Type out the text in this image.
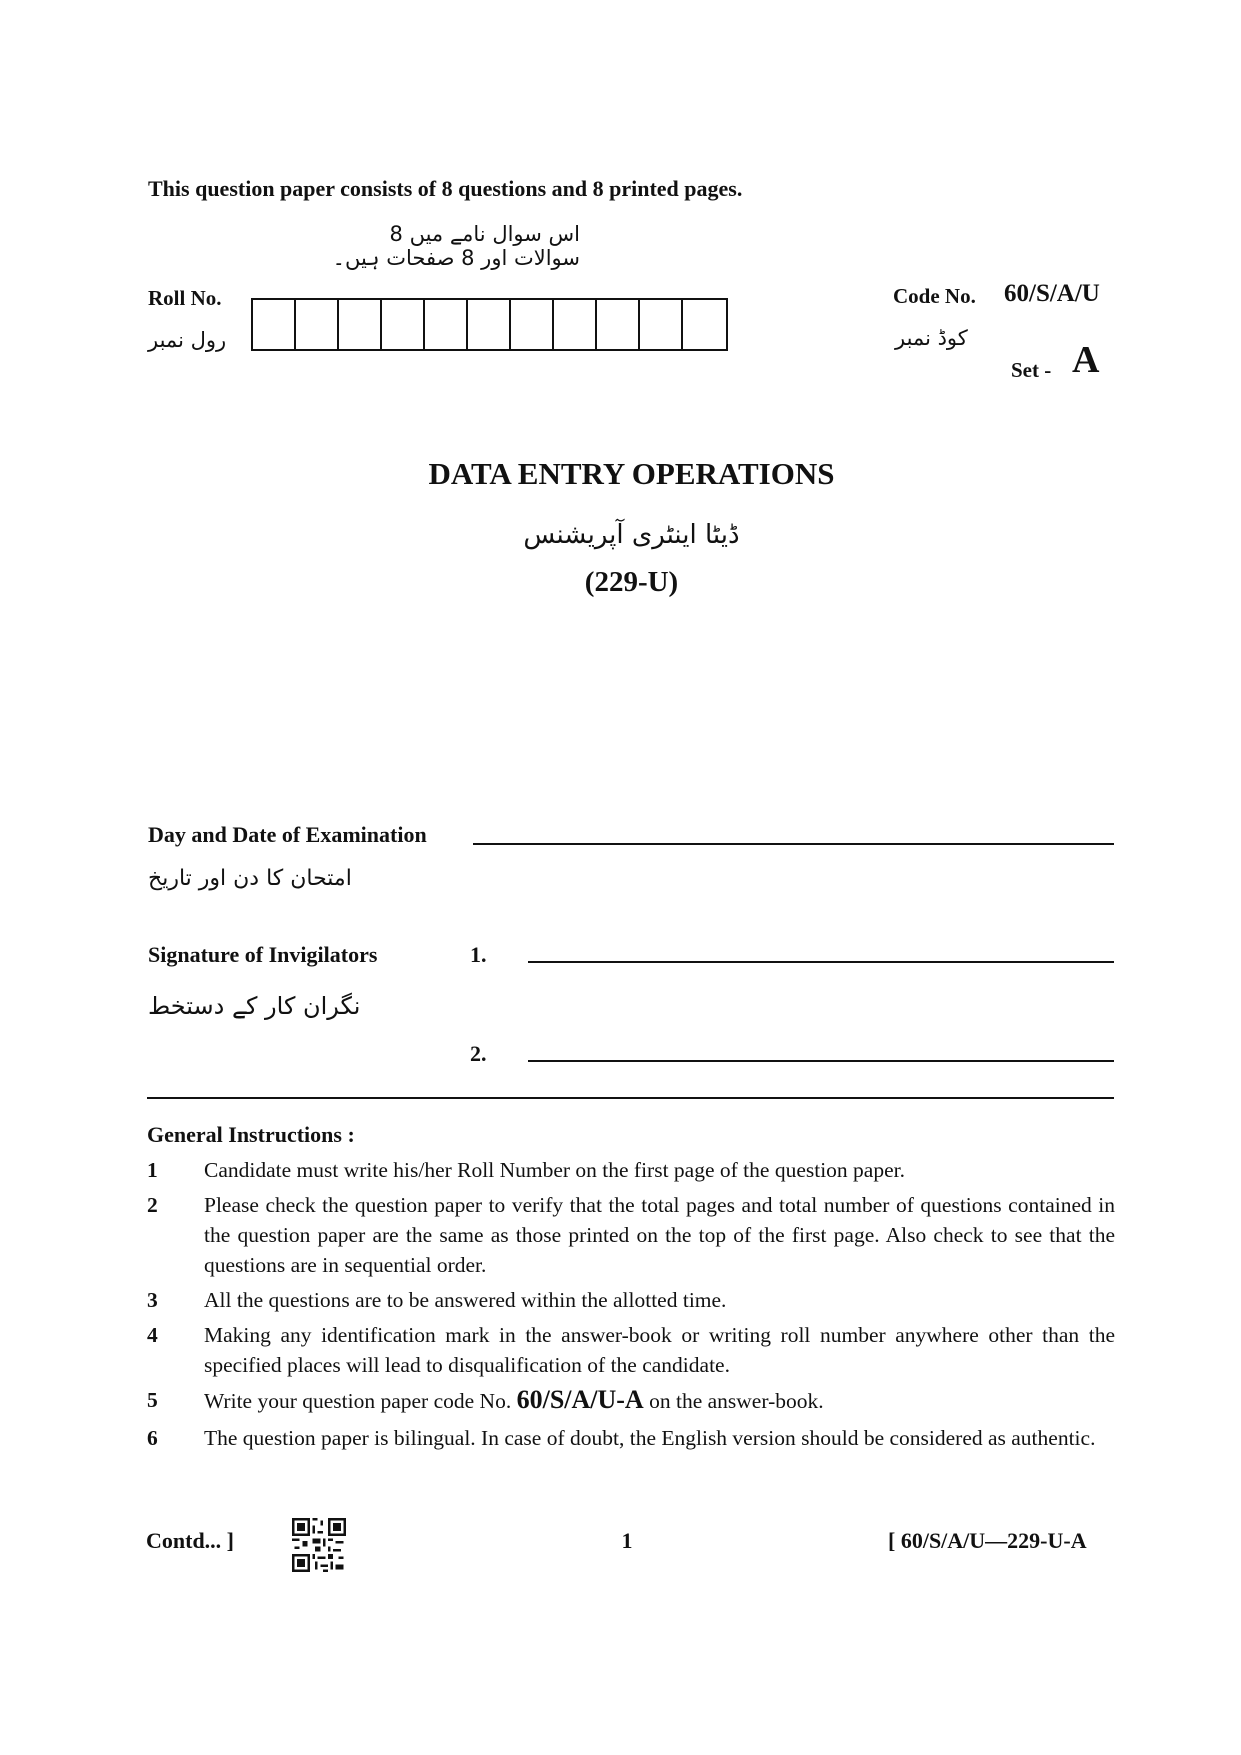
This question paper consists of 8 questions and 8 printed pages.
اس سوال نامے میں 8 سوالات اور 8 صفحات ہیں۔
Roll No.
رول نمبر
Code No. 60/S/A/U
کوڈ نمبر
Set - A
DATA ENTRY OPERATIONS
ڈیٹا اینٹری آپریشنس
(229-U)
Day and Date of Examination
امتحان کا دن اور تاریخ
Signature of Invigilators
نگران کار کے دستخط
1.
2.
General Instructions :
1	Candidate must write his/her Roll Number on the first page of the question paper.
2	Please check the question paper to verify that the total pages and total number of questions contained in the question paper are the same as those printed on the top of the first page. Also check to see that the questions are in sequential order.
3	All the questions are to be answered within the allotted time.
4	Making any identification mark in the answer-book or writing roll number anywhere other than the specified places will lead to disqualification of the candidate.
5	Write your question paper code No. 60/S/A/U-A on the answer-book.
6	The question paper is bilingual. In case of doubt, the English version should be considered as authentic.
Contd... ]	1	[ 60/S/A/U—229-U-A
